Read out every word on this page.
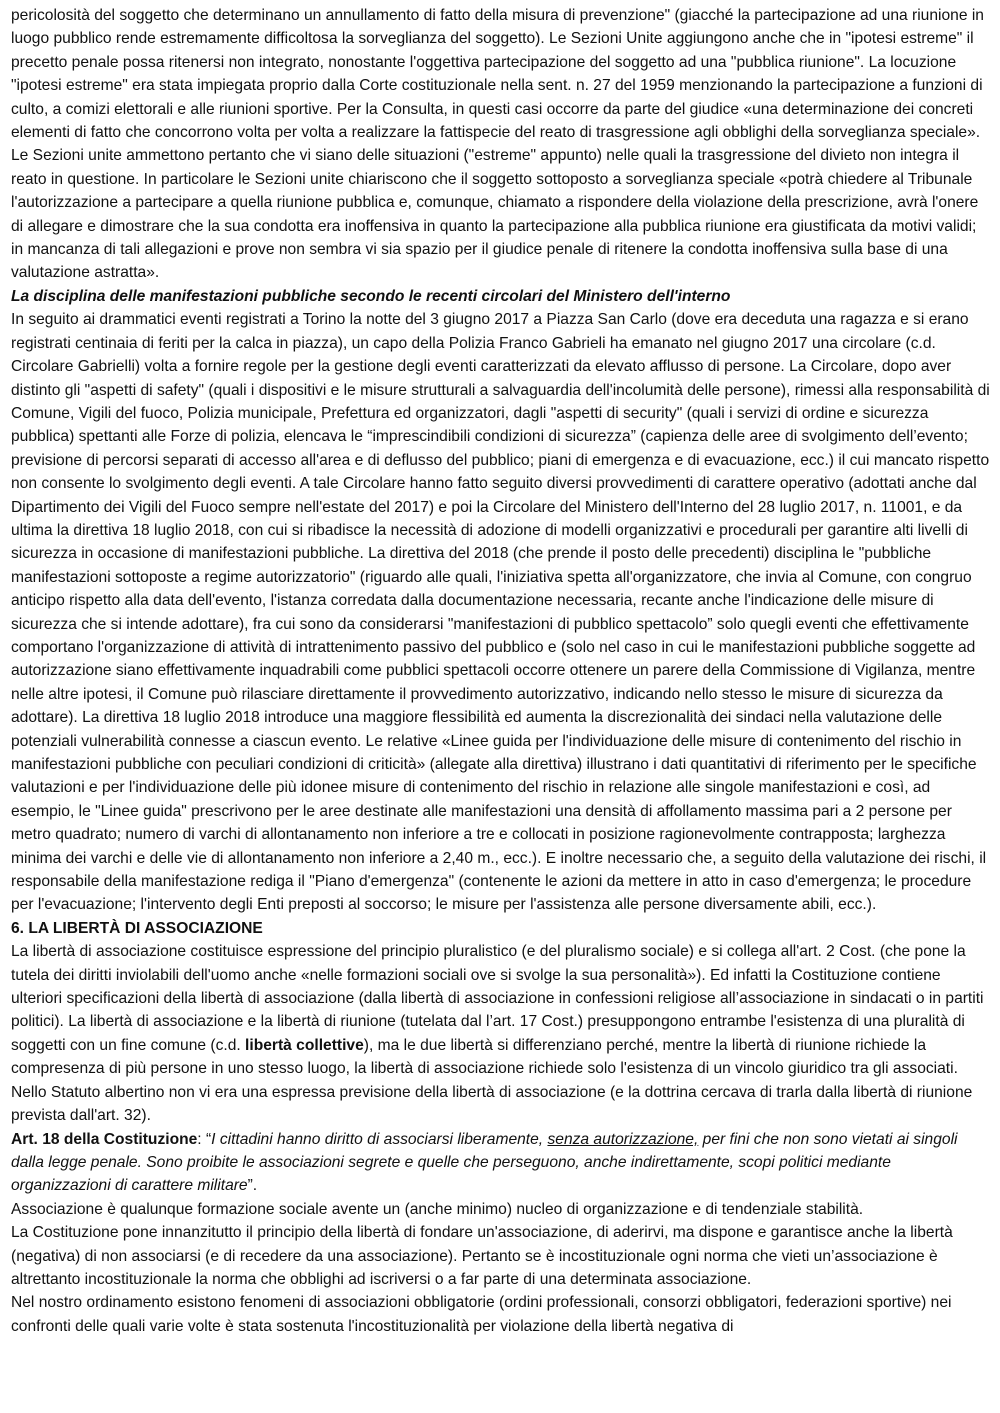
pericolosità del soggetto che determinano un annullamento di fatto della misura di prevenzione" (giacché la partecipazione ad una riunione in luogo pubblico rende estremamente difficoltosa la sorveglianza del soggetto). Le Sezioni Unite aggiungono anche che in "ipotesi estreme" il precetto penale possa ritenersi non integrato, nonostante l'oggettiva partecipazione del soggetto ad una "pubblica riunione". La locuzione "ipotesi estreme" era stata impiegata proprio dalla Corte costituzionale nella sent. n. 27 del 1959 menzionando la partecipazione a funzioni di culto, a comizi elettorali e alle riunioni sportive. Per la Consulta, in questi casi occorre da parte del giudice «una determinazione dei concreti elementi di fatto che concorrono volta per volta a realizzare la fattispecie del reato di trasgressione agli obblighi della sorveglianza speciale». Le Sezioni unite ammettono pertanto che vi siano delle situazioni ("estreme" appunto) nelle quali la trasgressione del divieto non integra il reato in questione. In particolare le Sezioni unite chiariscono che il soggetto sottoposto a sorveglianza speciale «potrà chiedere al Tribunale l'autorizzazione a partecipare a quella riunione pubblica e, comunque, chiamato a rispondere della violazione della prescrizione, avrà l'onere di allegare e dimostrare che la sua condotta era inoffensiva in quanto la partecipazione alla pubblica riunione era giustificata da motivi validi; in mancanza di tali allegazioni e prove non sembra vi sia spazio per il giudice penale di ritenere la condotta inoffensiva sulla base di una valutazione astratta».

La disciplina delle manifestazioni pubbliche secondo le recenti circolari del Ministero dell'interno

In seguito ai drammatici eventi registrati a Torino la notte del 3 giugno 2017 a Piazza San Carlo (dove era deceduta una ragazza e si erano registrati centinaia di feriti per la calca in piazza), un capo della Polizia Franco Gabrieli ha emanato nel giugno 2017 una circolare (c.d. Circolare Gabrielli) volta a fornire regole per la gestione degli eventi caratterizzati da elevato afflusso di persone. La Circolare, dopo aver distinto gli "aspetti di safety" (quali i dispositivi e le misure strutturali a salvaguardia dell'incolumità delle persone), rimessi alla responsabilità di Comune, Vigili del fuoco, Polizia municipale, Prefettura ed organizzatori, dagli "aspetti di security" (quali i servizi di ordine e sicurezza pubblica) spettanti alle Forze di polizia, elencava le “imprescindibili condizioni di sicurezza” (capienza delle aree di svolgimento dell’evento; previsione di percorsi separati di accesso all'area e di deflusso del pubblico; piani di emergenza e di evacuazione, ecc.) il cui mancato rispetto non consente lo svolgimento degli eventi. A tale Circolare hanno fatto seguito diversi provvedimenti di carattere operativo (adottati anche dal Dipartimento dei Vigili del Fuoco sempre nell'estate del 2017) e poi la Circolare del Ministero dell'Interno del 28 luglio 2017, n. 11001, e da ultima la direttiva 18 luglio 2018, con cui si ribadisce la necessità di adozione di modelli organizzativi e procedurali per garantire alti livelli di sicurezza in occasione di manifestazioni pubbliche. La direttiva del 2018 (che prende il posto delle precedenti) disciplina le "pubbliche manifestazioni sottoposte a regime autorizzatorio" (riguardo alle quali, l'iniziativa spetta all'organizzatore, che invia al Comune, con congruo anticipo rispetto alla data dell'evento, l'istanza corredata dalla documentazione necessaria, recante anche l'indicazione delle misure di sicurezza che si intende adottare), fra cui sono da considerarsi "manifestazioni di pubblico spettacolo” solo quegli eventi che effettivamente comportano l'organizzazione di attività di intrattenimento passivo del pubblico e (solo nel caso in cui le manifestazioni pubbliche soggette ad autorizzazione siano effettivamente inquadrabili come pubblici spettacoli occorre ottenere un parere della Commissione di Vigilanza, mentre nelle altre ipotesi, il Comune può rilasciare direttamente il provvedimento autorizzativo, indicando nello stesso le misure di sicurezza da adottare). La direttiva 18 luglio 2018 introduce una maggiore flessibilità ed aumenta la discrezionalità dei sindaci nella valutazione delle potenziali vulnerabilità connesse a ciascun evento. Le relative «Linee guida per l'individuazione delle misure di contenimento del rischio in manifestazioni pubbliche con peculiari condizioni di criticità» (allegate alla direttiva) illustrano i dati quantitativi di riferimento per le specifiche valutazioni e per l'individuazione delle più idonee misure di contenimento del rischio in relazione alle singole manifestazioni e così, ad esempio, le "Linee guida" prescrivono per le aree destinate alle manifestazioni una densità di affollamento massima pari a 2 persone per metro quadrato; numero di varchi di allontanamento non inferiore a tre e collocati in posizione ragionevolmente contrapposta; larghezza minima dei varchi e delle vie di allontanamento non inferiore a 2,40 m., ecc.). E inoltre necessario che, a seguito della valutazione dei rischi, il responsabile della manifestazione rediga il "Piano d'emergenza" (contenente le azioni da mettere in atto in caso d'emergenza; le procedure per l'evacuazione; l'intervento degli Enti preposti al soccorso; le misure per l'assistenza alle persone diversamente abili, ecc.).

6. LA LIBERTÀ DI ASSOCIAZIONE

La libertà di associazione costituisce espressione del principio pluralistico (e del pluralismo sociale) e si collega all'art. 2 Cost. (che pone la tutela dei diritti inviolabili dell'uomo anche «nelle formazioni sociali ove si svolge la sua personalità»). Ed infatti la Costituzione contiene ulteriori specificazioni della libertà di associazione (dalla libertà di associazione in confessioni religiose all’associazione in sindacati o in partiti politici). La libertà di associazione e la libertà di riunione (tutelata dal l’art. 17 Cost.) presuppongono entrambe l'esistenza di una pluralità di soggetti con un fine comune (c.d. libertà collettive), ma le due libertà si differenziano perché, mentre la libertà di riunione richiede la compresenza di più persone in uno stesso luogo, la libertà di associazione richiede solo l'esistenza di un vincolo giuridico tra gli associati. Nello Statuto albertino non vi era una espressa previsione della libertà di associazione (e la dottrina cercava di trarla dalla libertà di riunione prevista dall'art. 32).

Art. 18 della Costituzione: “I cittadini hanno diritto di associarsi liberamente, senza autorizzazione, per fini che non sono vietati ai singoli dalla legge penale. Sono proibite le associazioni segrete e quelle che perseguono, anche indirettamente, scopi politici mediante organizzazioni di carattere militare”.

Associazione è qualunque formazione sociale avente un (anche minimo) nucleo di organizzazione e di tendenziale stabilità.

La Costituzione pone innanzitutto il principio della libertà di fondare un'associazione, di aderirvi, ma dispone e garantisce anche la libertà (negativa) di non associarsi (e di recedere da una associazione). Pertanto se è incostituzionale ogni norma che vieti un’associazione è altrettanto incostituzionale la norma che obblighi ad iscriversi o a far parte di una determinata associazione.

Nel nostro ordinamento esistono fenomeni di associazioni obbligatorie (ordini professionali, consorzi obbligatori, federazioni sportive) nei confronti delle quali varie volte è stata sostenuta l'incostituzionalità per violazione della libertà negativa di
